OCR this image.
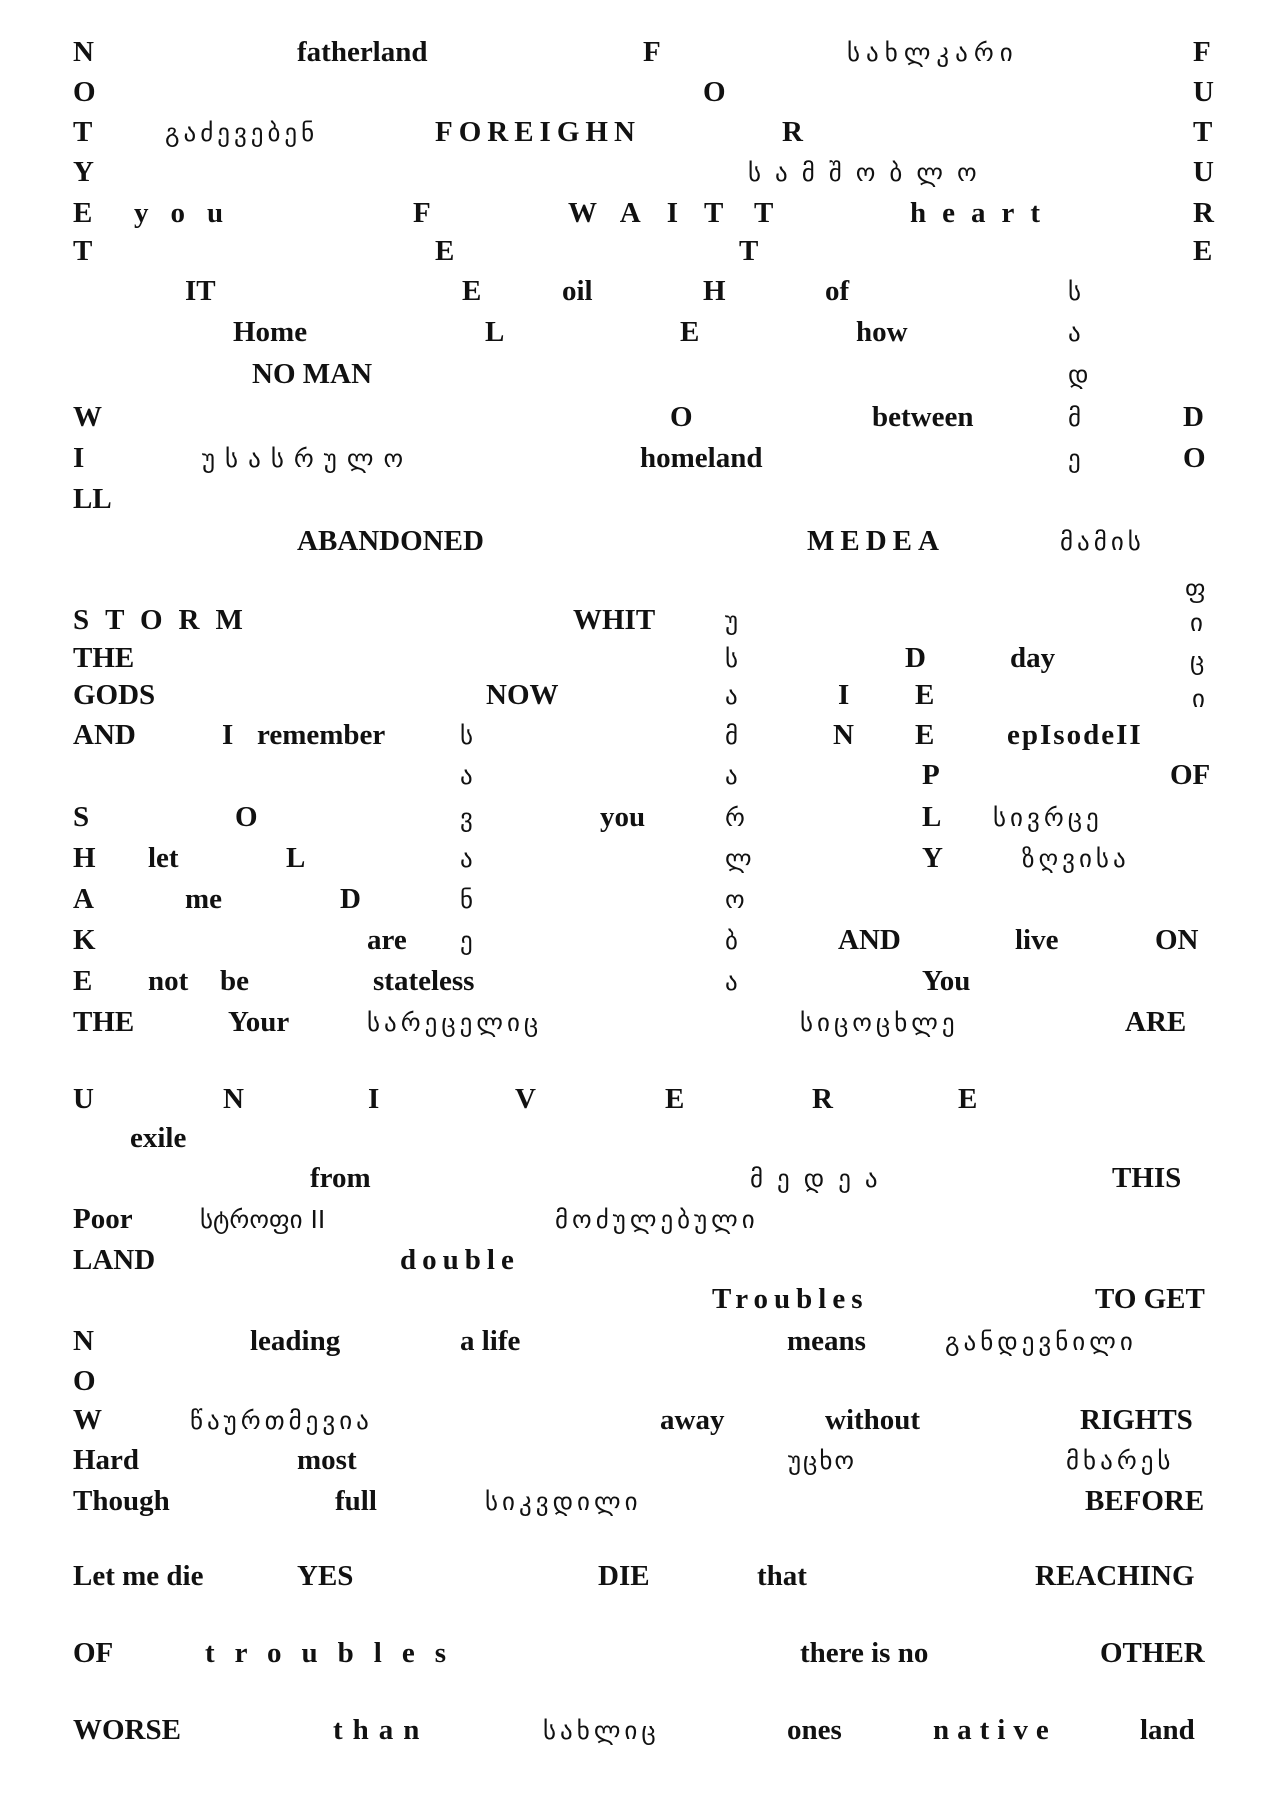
N	fatherland	F	სახლკარი	F
O	O	U
T	გაძევებენ	FOREIGHN	R	T
Y	სამშობლო	U
E you	F	WAIT T	heart	R
T	E	T	E
IT	E	oil	H	of	ს
Home	L	E	how	ა
NO MAN	დ
W	O	between	მ	D
I	უსასრულო	homeland	ე	O
LL
ABANDONED	MEDEA	მამის
ფ
STORM	WHIT	უ	ი
THE	ს	D	day	ც
GODS	NOW	ა	I E	ი
AND	I remember	ს	მ	N E	epIsodeII
ა	ა	P	OF
S	O	ვ	you	რ	L სივრცე
H let	L	ა	ლ	Y	ზღვისა
A	me	D	ნ	ო
K	are ე	ბ	AND	live	ON
E not be	stateless	ა	You
THE	Your	სარეცელიც	სიცოცხლე	ARE
U	N	I	V	E	R	E
exile
from	მედეა	THIS
Poor	სტროფი II	მოძულებული
LAND	double
Troubles	TO GET
N	leading	a life	means	განდევნილი
O
W	წაურთმევია	away	without	RIGHTS
Hard	most	უცხო	მხარეს
Though	full	სიკვდილი	BEFORE
Let me die	YES	DIE	that	REACHING
OF	troubles	there is no	OTHER
WORSE	than	სახლიც	ones	native	land
